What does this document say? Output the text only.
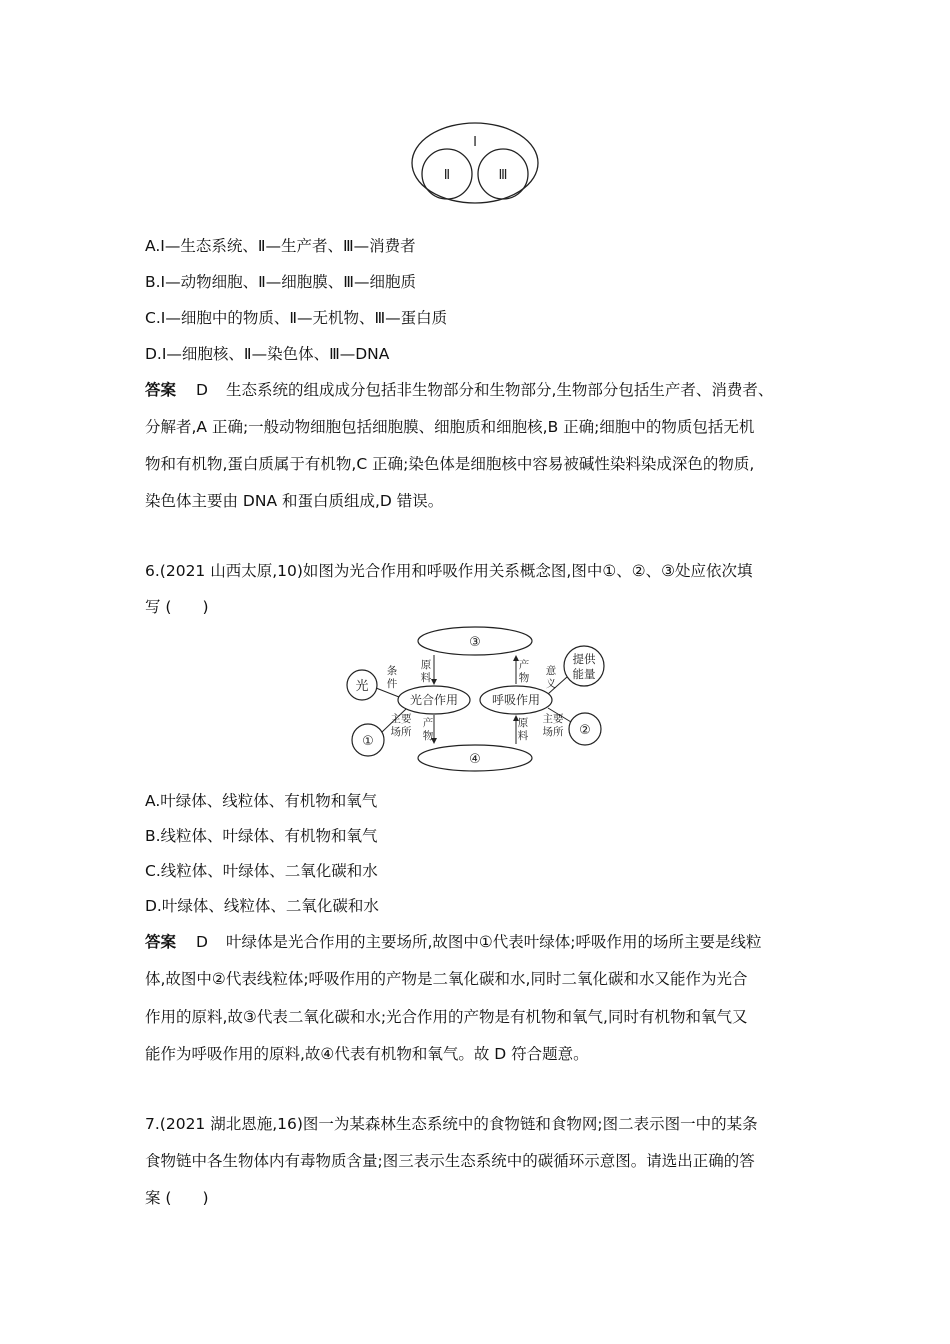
Ⅰ
Ⅱ	Ⅲ
A.Ⅰ—生态系统、Ⅱ—生产者、Ⅲ—消费者
B.Ⅰ—动物细胞、Ⅱ—细胞膜、Ⅲ—细胞质
C.Ⅰ—细胞中的物质、Ⅱ—无机物、Ⅲ—蛋白质
D.Ⅰ—细胞核、Ⅱ—染色体、Ⅲ—DNA
答案 D 生态系统的组成成分包括非生物部分和生物部分,生物部分包括生产者、消费者、
分解者,A 正确;一般动物细胞包括细胞膜、细胞质和细胞核,B 正确;细胞中的物质包括无机
物和有机物,蛋白质属于有机物,C 正确;染色体是细胞核中容易被碱性染料染成深色的物质,
染色体主要由 DNA 和蛋白质组成,D 错误。
6.(2021 山西太原,10)如图为光合作用和呼吸作用关系概念图,图中①、②、③处应依次填
写 (　　)
③
④
光合作用	呼吸作用
光
①
提供
能量
②
条
件
原
料
产
物
意
义
主要
场所
产
物
原
料
主要
场所
A.叶绿体、线粒体、有机物和氧气
B.线粒体、叶绿体、有机物和氧气
C.线粒体、叶绿体、二氧化碳和水
D.叶绿体、线粒体、二氧化碳和水
答案 D 叶绿体是光合作用的主要场所,故图中①代表叶绿体;呼吸作用的场所主要是线粒
体,故图中②代表线粒体;呼吸作用的产物是二氧化碳和水,同时二氧化碳和水又能作为光合
作用的原料,故③代表二氧化碳和水;光合作用的产物是有机物和氧气,同时有机物和氧气又
能作为呼吸作用的原料,故④代表有机物和氧气。故 D 符合题意。
7.(2021 湖北恩施,16)图一为某森林生态系统中的食物链和食物网;图二表示图一中的某条
食物链中各生物体内有毒物质含量;图三表示生态系统中的碳循环示意图。请选出正确的答
案 (　　)
